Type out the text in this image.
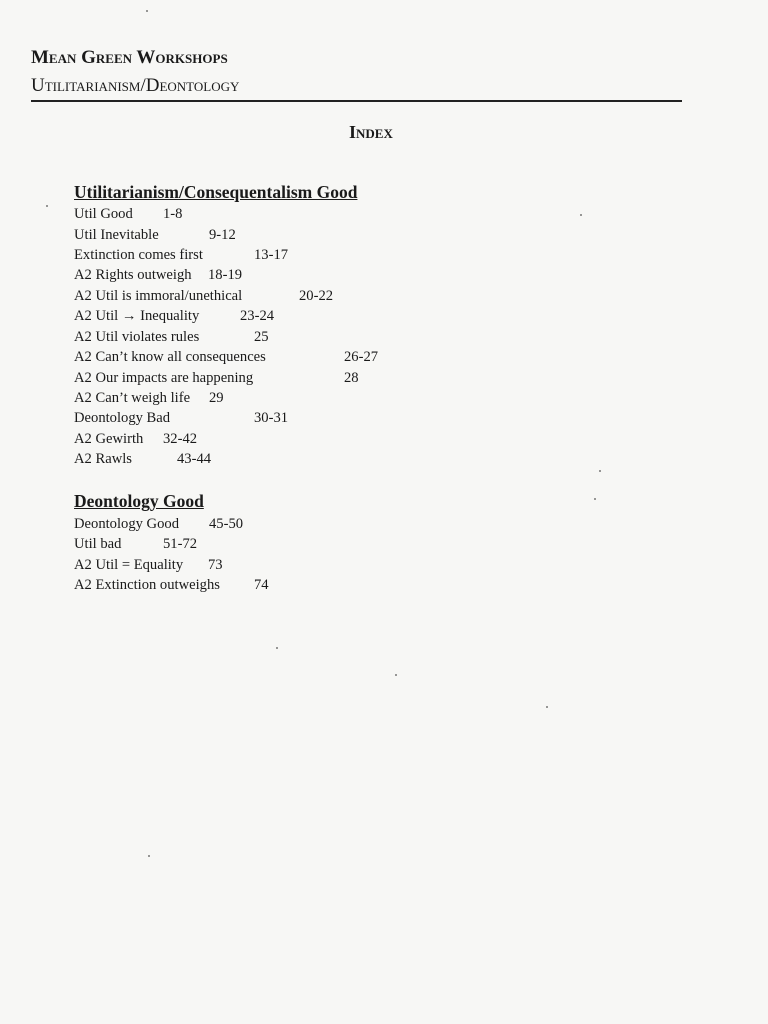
Mean Green Workshops
Utilitarianism/Deontology
Index
Utilitarianism/Consequentalism Good
Util Good 1-8
Util Inevitable	9-12
Extinction comes first	13-17
A2 Rights outweigh 18-19
A2 Util is immoral/unethical	20-22
A2 Util → Inequality	23-24
A2 Util violates rules	25
A2 Can’t know all consequences	26-27
A2 Our impacts are happening	28
A2 Can’t weigh life 29
Deontology Bad	30-31
A2 Gewirth 32-42
A2 Rawls	43-44
Deontology Good
Deontology Good 45-50
Util bad	51-72
A2 Util = Equality 73
A2 Extinction outweighs 74
